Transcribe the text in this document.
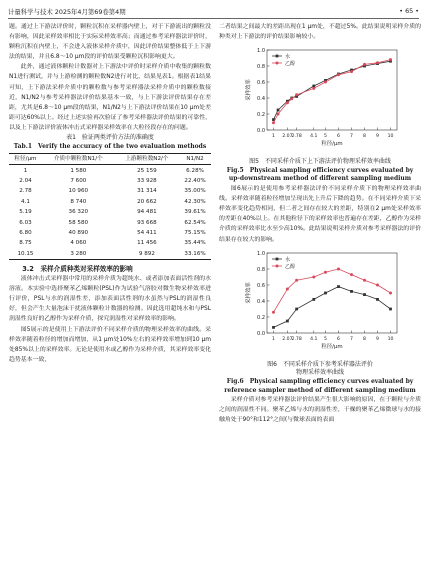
计量科学与技术 2025年4月第69卷第4期	• 65 •

题。通过上下游法评价时，颗粒沉积在采样器内壁上，对于下游流出的颗粒没有影响，因此采样效率相比于实际采样效率高；而通过参考采样器法评价时，颗粒沉积在内壁上，不会进入液体采样介质中，因此评价结果整体低于上下游法的结果，并且6.8～10 μm段的评价结果受颗粒沉积影响更大。

此外，通过液体颗粒计数器对上下游法中评价时采样介质中收集的颗粒数N1进行测试，并与上游检测的颗粒数N2进行对比，结果见表1。根据表1结果可知，上下游法采样介质中的颗粒数与参考采样器法采样介质中的颗粒数接近，N1/N2与参考采样器法评价结果基本一致，与上下游法评价结果存在差距，尤其是6.8～10 μm段的结果，N1/N2与上下游法评价结果在10 μm处差距可达60%以上。经过上述实验再次验证了参考采样器法评价结果的可靠性，以及上下游法评价液体冲击式采样器采样效率在大粒径段存在的问题。

表1　验证两类评价方法的准确度
Tab.1　Verify the accuracy of the two evaluation methods
粒径/μm	介质中颗粒数N1/个	上游颗粒数N2/个	N1/N2
1	1 580	25 159	6.28%
2.04	7 600	33 928	22.40%
2.78	10 960	31 314	35.00%
4.1	8 740	20 662	42.30%
5.19	36 320	94 481	39.61%
6.03	58 580	93 668	62.54%
6.80	40 890	54 411	75.15%
8.75	4 060	11 456	35.44%
10.15	3 280	9 892	33.16%

3.2　采样介质种类对采样效率的影响

液体冲击式采样器中常用的采样介质为超纯水、或者添加表面活性剂的水溶液。本实验中选择聚苯乙烯颗粒(PSL)作为试验气溶胶对微生物采样效率进行评价，PSL与水的润湿性差，添加表面活性剂的水虽然与PSL的润湿性良好，但会产生大量泡沫干扰液体颗粒计数器的检测。因此选用超纯水和与PSL润湿性良好的乙醇作为采样介质，探究润湿性对采样效率的影响。

图5展示的是使用上下游法评价不同采样介质的物理采样效率的曲线。采样效率随着粒径的增加而增加，从1 μm处10%左右的采样效率增加到10 μm处85%以上的采样效率。无论是使用水或乙醇作为采样介质，其采样效率变化趋势基本一致，

二者结果之间最大的差距出现在1 μm处，不超过5%。此结果说明采样介质的种类对上下游法的评价结果影响较小。

0.0
0.2
0.4
0.6
0.8
1.0
1 2.07
2.78 4.1 5 6 7 8 9 10
粒径/μm
采样效率
水
乙醇
图5　不同采样介质下上下游法评价物理采样效率曲线
Fig.5　Physical sampling efficiency curves evaluated by
up-downstream method of different sampling medium

图6展示的是使用参考采样器法评价不同采样介质下的物理采样效率曲线。采样效率随着粒径增加呈现出先上升后下降的趋势。在不同采样介质下采样效率变化趋势相同，但二者之间存在较大的差距，特别在2 μm处采样效率的差距在40%以上。在其他粒径下的采样效率也普遍存在差距，乙醇作为采样介质的采样效率比水至少高10%。此结果说明采样介质对参考采样器法的评价结果存在较大的影响。

0.0
0.2
0.4
0.6
0.8
1.0
1 2.07
2.78 4.1 5 6 7 8 9 10
粒径/μm
采样效率
水
乙醇
图6　不同采样介质下参考采样器法评价
物理采样效率曲线
Fig.6　Physical sampling efficiency curves evaluated by
reference sampler method of different sampling medium

采样介质对参考采样器法评价结果产生很大影响的原因，在于颗粒与介质之间的润湿性不同。聚苯乙烯与水的润湿性差，干燥的聚苯乙烯微球与水的接触角处于90°和112°之间(与微球表面的表面
